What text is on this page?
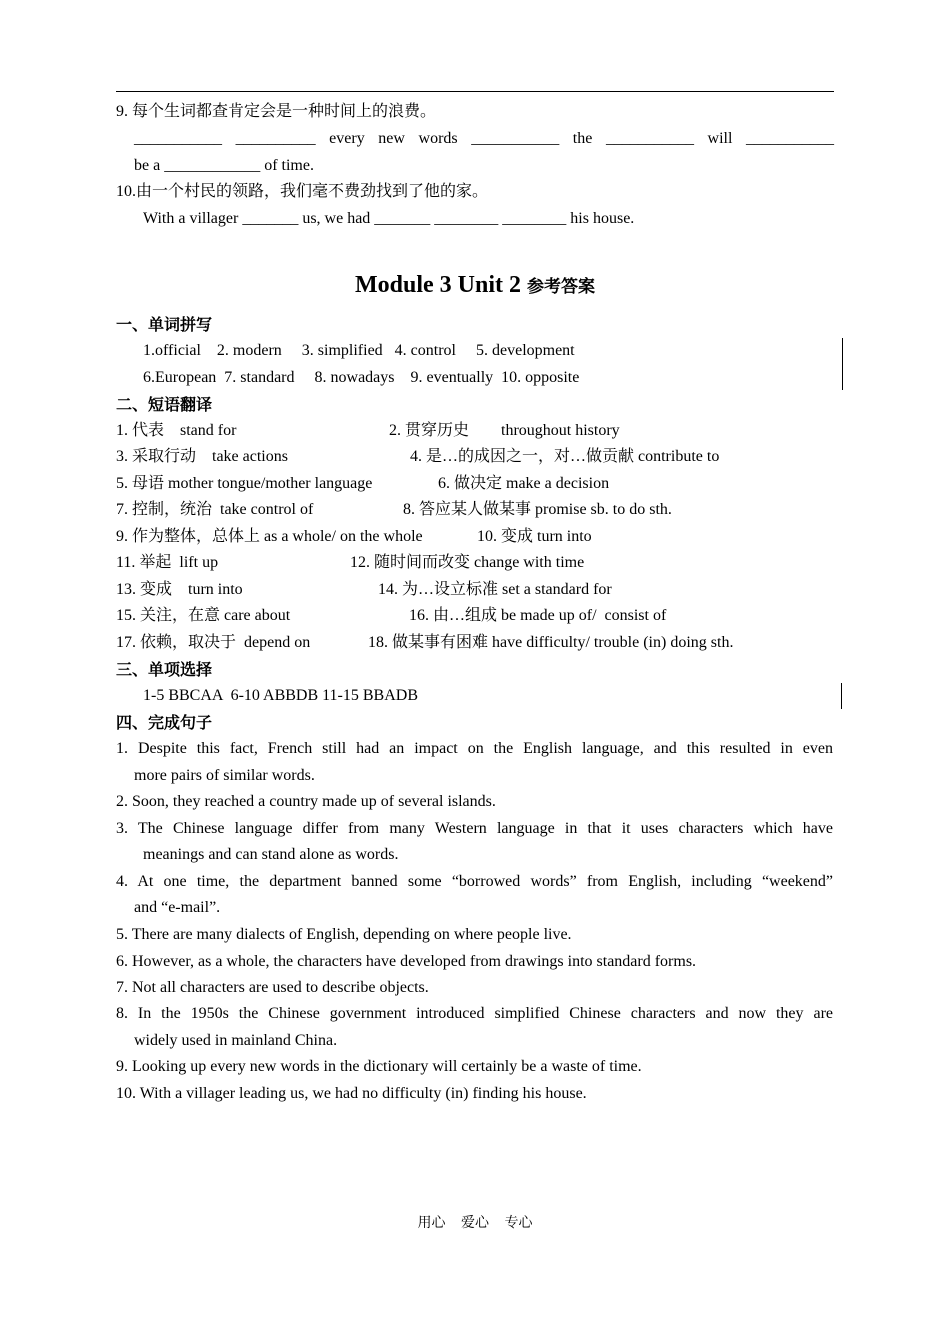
9. 每个生词都查肯定会是一种时间上的浪费。
___________ __________ every new words ___________ the ___________ will ___________
be a ____________ of time.
10.由一个村民的领路，我们毫不费劲找到了他的家。
With a villager _______ us, we had _______ ________ ________ his house.
Module 3 Unit 2 参考答案
一、单词拼写
1.official    2. modern     3. simplified   4. control     5. development
6.European  7. standard     8. nowadays    9. eventually  10. opposite
二、短语翻译
1. 代表    stand for	2. 贯穿历史        throughout history
3. 采取行动    take actions	4. 是…的成因之一，对…做贡献 contribute to
5. 母语 mother tongue/mother language	6. 做决定 make a decision
7. 控制，统治  take control of	8. 答应某人做某事 promise sb. to do sth.
9. 作为整体，总体上 as a whole/ on the whole	10. 变成 turn into
11. 举起  lift up	12. 随时间而改变 change with time
13. 变成    turn into	14. 为…设立标准 set a standard for
15. 关注，在意 care about	16. 由…组成 be made up of/  consist of
17. 依赖，取决于  depend on	18. 做某事有困难 have difficulty/ trouble (in) doing sth.
三、单项选择
1-5 BBCAA  6-10 ABBDB 11-15 BBADB
四、完成句子
1. Despite this fact, French still had an impact on the English language, and this resulted in even
more pairs of similar words.
2. Soon, they reached a country made up of several islands.
3. The Chinese language differ from many Western language in that it uses characters which have
meanings and can stand alone as words.
4. At one time, the department banned some “borrowed words” from English, including “weekend”
and “e-mail”.
5. There are many dialects of English, depending on where people live.
6. However, as a whole, the characters have developed from drawings into standard forms.
7. Not all characters are used to describe objects.
8. In the 1950s the Chinese government introduced simplified Chinese characters and now they are
widely used in mainland China.
9. Looking up every new words in the dictionary will certainly be a waste of time.
10. With a villager leading us, we had no difficulty (in) finding his house.
用心 爱心 专心
